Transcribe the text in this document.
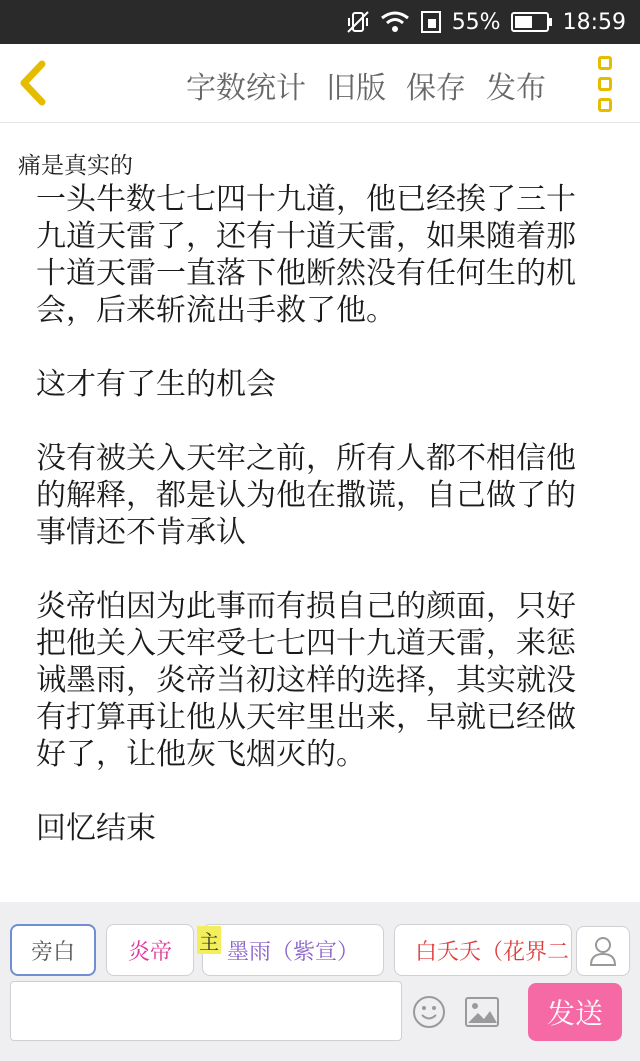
55%	18:59
字数统计 旧版 保存 发布
痛是真实的

一头牛数七七四十九道，他已经挨了三十九道天雷了，还有十道天雷，如果随着那十道天雷一直落下他断然没有任何生的机会，后来斩流出手救了他。

这才有了生的机会

没有被关入天牢之前，所有人都不相信他的解释，都是认为他在撒谎，自己做了的事情还不肯承认

炎帝怕因为此事而有损自己的颜面，只好把他关入天牢受七七四十九道天雷，来惩诫墨雨，炎帝当初这样的选择，其实就没有打算再让他从天牢里出来，早就已经做好了，让他灰飞烟灭的。

回忆结束

旁白 炎帝 墨雨（紫宣）	白夭夭（花界二
主
发送
